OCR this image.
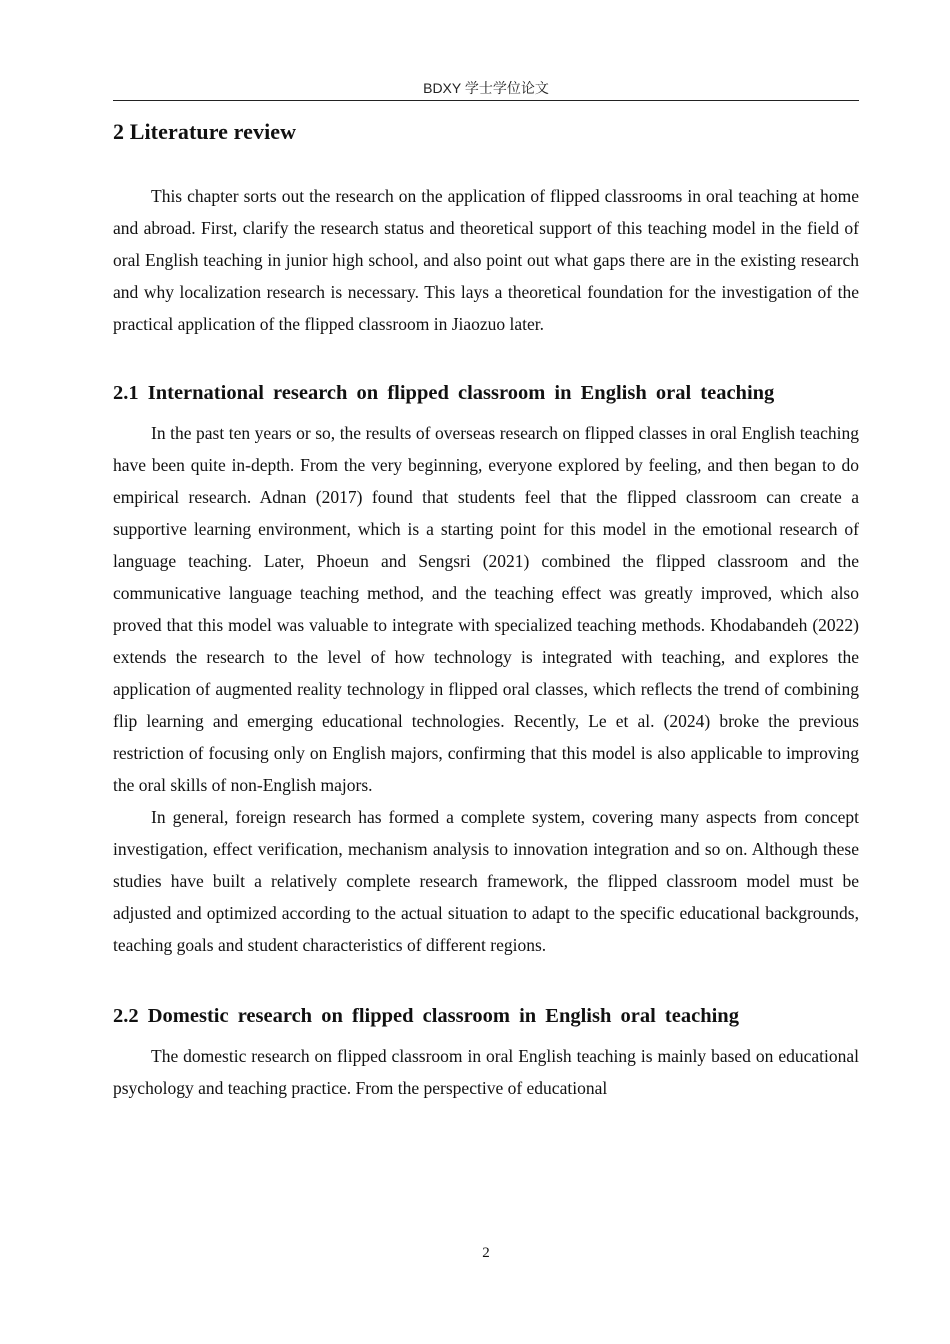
BDXY 学士学位论文
2 Literature review

This chapter sorts out the research on the application of flipped classrooms in oral teaching at home and abroad. First, clarify the research status and theoretical support of this teaching model in the field of oral English teaching in junior high school, and also point out what gaps there are in the existing research and why localization research is necessary. This lays a theoretical foundation for the investigation of the practical application of the flipped classroom in Jiaozuo later.

2.1 International research on flipped classroom in English oral teaching

In the past ten years or so, the results of overseas research on flipped classes in oral English teaching have been quite in-depth. From the very beginning, everyone explored by feeling, and then began to do empirical research. Adnan (2017) found that students feel that the flipped classroom can create a supportive learning environment, which is a starting point for this model in the emotional research of language teaching. Later, Phoeun and Sengsri (2021) combined the flipped classroom and the communicative language teaching method, and the teaching effect was greatly improved, which also proved that this model was valuable to integrate with specialized teaching methods. Khodabandeh (2022) extends the research to the level of how technology is integrated with teaching, and explores the application of augmented reality technology in flipped oral classes, which reflects the trend of combining flip learning and emerging educational technologies. Recently, Le et al. (2024) broke the previous restriction of focusing only on English majors, confirming that this model is also applicable to improving the oral skills of non-English majors.

In general, foreign research has formed a complete system, covering many aspects from concept investigation, effect verification, mechanism analysis to innovation integration and so on. Although these studies have built a relatively complete research framework, the flipped classroom model must be adjusted and optimized according to the actual situation to adapt to the specific educational backgrounds, teaching goals and student characteristics of different regions.

2.2 Domestic research on flipped classroom in English oral teaching

The domestic research on flipped classroom in oral English teaching is mainly based on educational psychology and teaching practice. From the perspective of educational

2
